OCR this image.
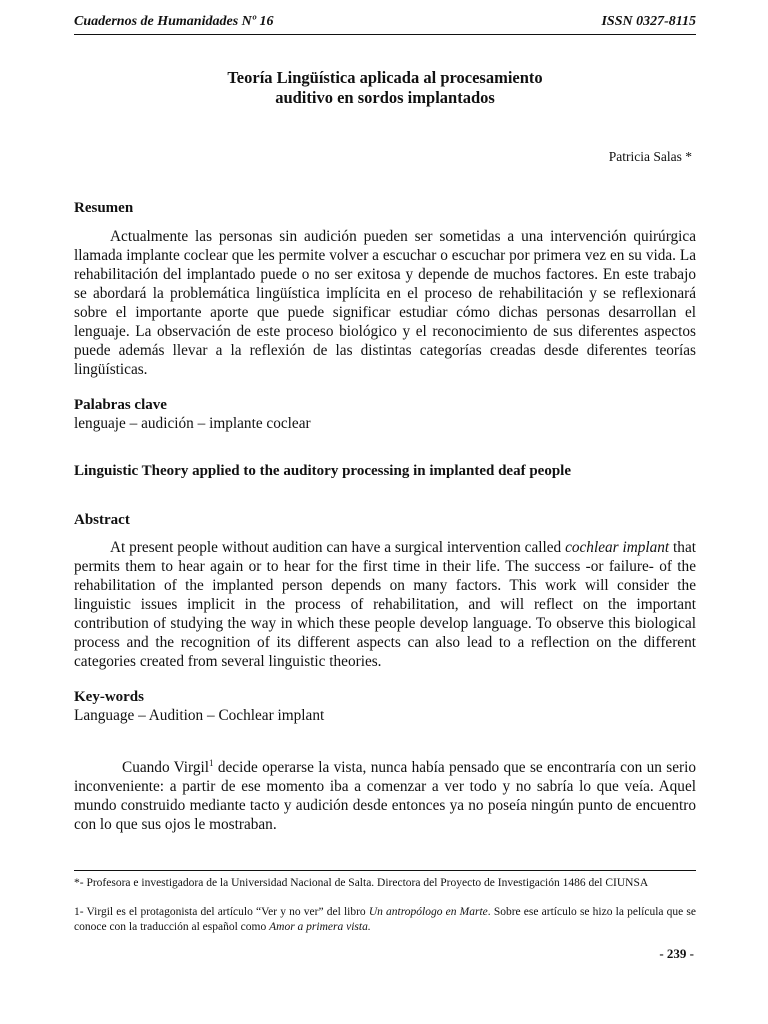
Cuadernos de Humanidades Nº 16	ISSN 0327-8115
Teoría Lingüística aplicada al procesamiento
auditivo en sordos implantados
Patricia Salas *
Resumen
Actualmente las personas sin audición pueden ser sometidas a una intervención quirúrgica llamada implante coclear que les permite volver a escuchar o escuchar por primera vez en su vida. La rehabilitación del implantado puede o no ser exitosa y depende de muchos factores. En este trabajo se abordará la problemática lingüística implícita en el proceso de rehabilitación y se reflexionará sobre el importante aporte que puede significar estudiar cómo dichas personas desarrollan el lenguaje. La observación de este proceso biológico y el reconocimiento de sus diferentes aspectos puede además llevar a la reflexión de las distintas categorías creadas desde diferentes teorías lingüísticas.
Palabras clave
lenguaje – audición – implante coclear
Linguistic Theory applied to the auditory processing in implanted deaf people
Abstract
At present people without audition can have a surgical intervention called cochlear implant that permits them to hear again or to hear for the first time in their life. The success -or failure- of the rehabilitation of the implanted person depends on many factors. This work will consider the linguistic issues implicit in the process of rehabilitation, and will reflect on the important contribution of studying the way in which these people develop language. To observe this biological process and the recognition of its different aspects can also lead to a reflection on the different categories created from several linguistic theories.
Key-words
Language – Audition – Cochlear implant
Cuando Virgil$^1$ decide operarse la vista, nunca había pensado que se encontraría con un serio inconveniente: a partir de ese momento iba a comenzar a ver todo y no sabría lo que veía. Aquel mundo construido mediante tacto y audición desde entonces ya no poseía ningún punto de encuentro con lo que sus ojos le mostraban.
*- Profesora e investigadora de la Universidad Nacional de Salta. Directora del Proyecto de Investigación 1486 del CIUNSA
1- Virgil es el protagonista del artículo “Ver y no ver” del libro Un antropólogo en Marte. Sobre ese artículo se hizo la película que se conoce con la traducción al español como Amor a primera vista.
- 239 -
